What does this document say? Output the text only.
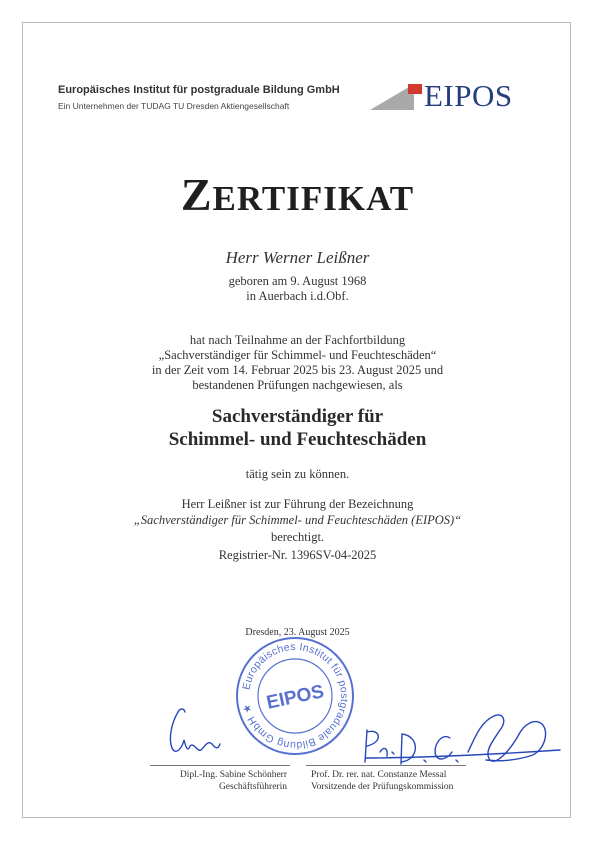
Europäisches Institut für postgraduale Bildung GmbH
Ein Unternehmen der TUDAG TU Dresden Aktiengesellschaft	EIPOS
ZERTIFIKAT
Herr Werner Leißner
geboren am 9. August 1968
in Auerbach i.d.Obf.
hat nach Teilnahme an der Fachfortbildung
„Sachverständiger für Schimmel- und Feuchteschäden“
in der Zeit vom 14. Februar 2025 bis 23. August 2025 und
bestandenen Prüfungen nachgewiesen, als
Sachverständiger für
Schimmel- und Feuchteschäden
tätig sein zu können.
Herr Leißner ist zur Führung der Bezeichnung
„Sachverständiger für Schimmel- und Feuchteschäden (EIPOS)“
berechtigt.
Registrier-Nr. 1396SV-04-2025
Dresden, 23. August 2025
Europäisches Institut für postgraduale Bildung GmbH ★ EIPOS
Dipl.-Ing. Sabine Schönherr
Geschäftsführerin
Prof. Dr. rer. nat. Constanze Messal
Vorsitzende der Prüfungskommission
